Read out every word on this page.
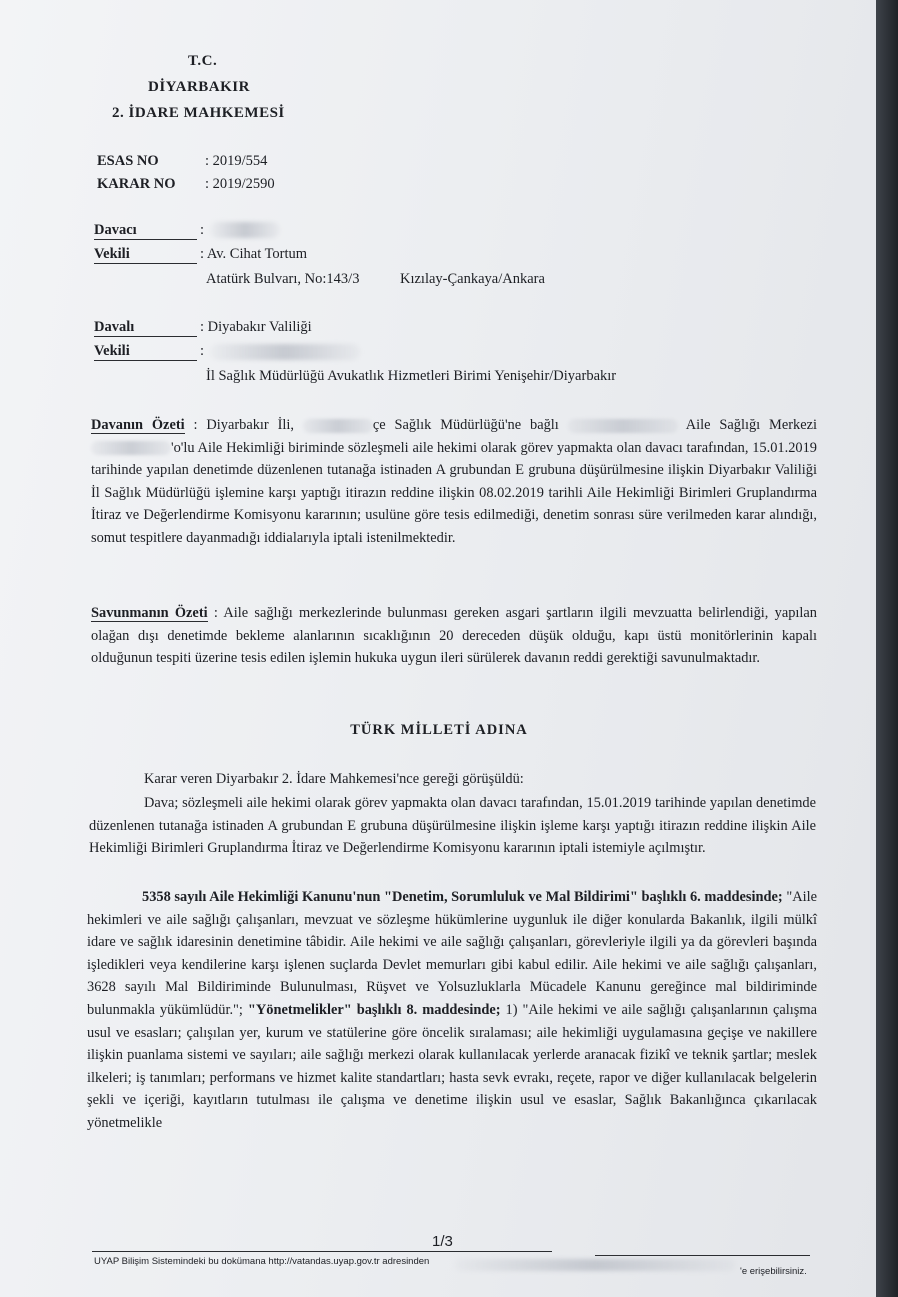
T.C.
DİYARBAKIR
2. İDARE MAHKEMESİ
ESAS NO	: 2019/554
KARAR NO : 2019/2590
Davacı	:
Vekili	: Av. Cihat Tortum
Atatürk Bulvarı, No:143/3	Kızılay-Çankaya/Ankara
Davalı	: Diyabakır Valiliği
Vekili	:
İl Sağlık Müdürlüğü Avukatlık Hizmetleri Birimi Yenişehir/Diyarbakır

Davanın Özeti : Diyarbakır İli,	çe Sağlık Müdürlüğü'ne bağlı	Aile Sağlığı Merkezi 'o'lu Aile Hekimliği biriminde sözleşmeli aile hekimi olarak görev yapmakta olan davacı tarafından, 15.01.2019 tarihinde yapılan denetimde düzenlenen tutanağa istinaden A grubundan E grubuna düşürülmesine ilişkin Diyarbakır Valiliği İl Sağlık Müdürlüğü işlemine karşı yaptığı itirazın reddine ilişkin 08.02.2019 tarihli Aile Hekimliği Birimleri Gruplandırma İtiraz ve Değerlendirme Komisyonu kararının; usulüne göre tesis edilmediği, denetim sonrası süre verilmeden karar alındığı, somut tespitlere dayanmadığı iddialarıyla iptali istenilmektedir.

Savunmanın Özeti : Aile sağlığı merkezlerinde bulunması gereken asgari şartların ilgili mevzuatta belirlendiği, yapılan olağan dışı denetimde bekleme alanlarının sıcaklığının 20 dereceden düşük olduğu, kapı üstü monitörlerinin kapalı olduğunun tespiti üzerine tesis edilen işlemin hukuka uygun ileri sürülerek davanın reddi gerektiği savunulmaktadır.

TÜRK MİLLETİ ADINA
Karar veren Diyarbakır 2. İdare Mahkemesi'nce gereği görüşüldü:
Dava; sözleşmeli aile hekimi olarak görev yapmakta olan davacı tarafından, 15.01.2019 tarihinde yapılan denetimde düzenlenen tutanağa istinaden A grubundan E grubuna düşürülmesine ilişkin işleme karşı yaptığı itirazın reddine ilişkin Aile Hekimliği Birimleri Gruplandırma İtiraz ve Değerlendirme Komisyonu kararının iptali istemiyle açılmıştır.
5358 sayılı Aile Hekimliği Kanunu'nun "Denetim, Sorumluluk ve Mal Bildirimi" başlıklı 6. maddesinde; "Aile hekimleri ve aile sağlığı çalışanları, mevzuat ve sözleşme hükümlerine uygunluk ile diğer konularda Bakanlık, ilgili mülkî idare ve sağlık idaresinin denetimine tâbidir. Aile hekimi ve aile sağlığı çalışanları, görevleriyle ilgili ya da görevleri başında işledikleri veya kendilerine karşı işlenen suçlarda Devlet memurları gibi kabul edilir. Aile hekimi ve aile sağlığı çalışanları, 3628 sayılı Mal Bildiriminde Bulunulması, Rüşvet ve Yolsuzluklarla Mücadele Kanunu gereğince mal bildiriminde bulunmakla yükümlüdür."; "Yönetmelikler" başlıklı 8. maddesinde; 1) "Aile hekimi ve aile sağlığı çalışanlarının çalışma usul ve esasları; çalışılan yer, kurum ve statülerine göre öncelik sıralaması; aile hekimliği uygulamasına geçişe ve nakillere ilişkin puanlama sistemi ve sayıları; aile sağlığı merkezi olarak kullanılacak yerlerde aranacak fizikî ve teknik şartlar; meslek ilkeleri; iş tanımları; performans ve hizmet kalite standartları; hasta sevk evrakı, reçete, rapor ve diğer kullanılacak belgelerin şekli ve içeriği, kayıtların tutulması ile çalışma ve denetime ilişkin usul ve esaslar, Sağlık Bakanlığınca çıkarılacak yönetmelikle
1/3
UYAP Bilişim Sistemindeki bu dokümana http://vatandas.uyap.gov.tr adresinden
'e erişebilirsiniz.
